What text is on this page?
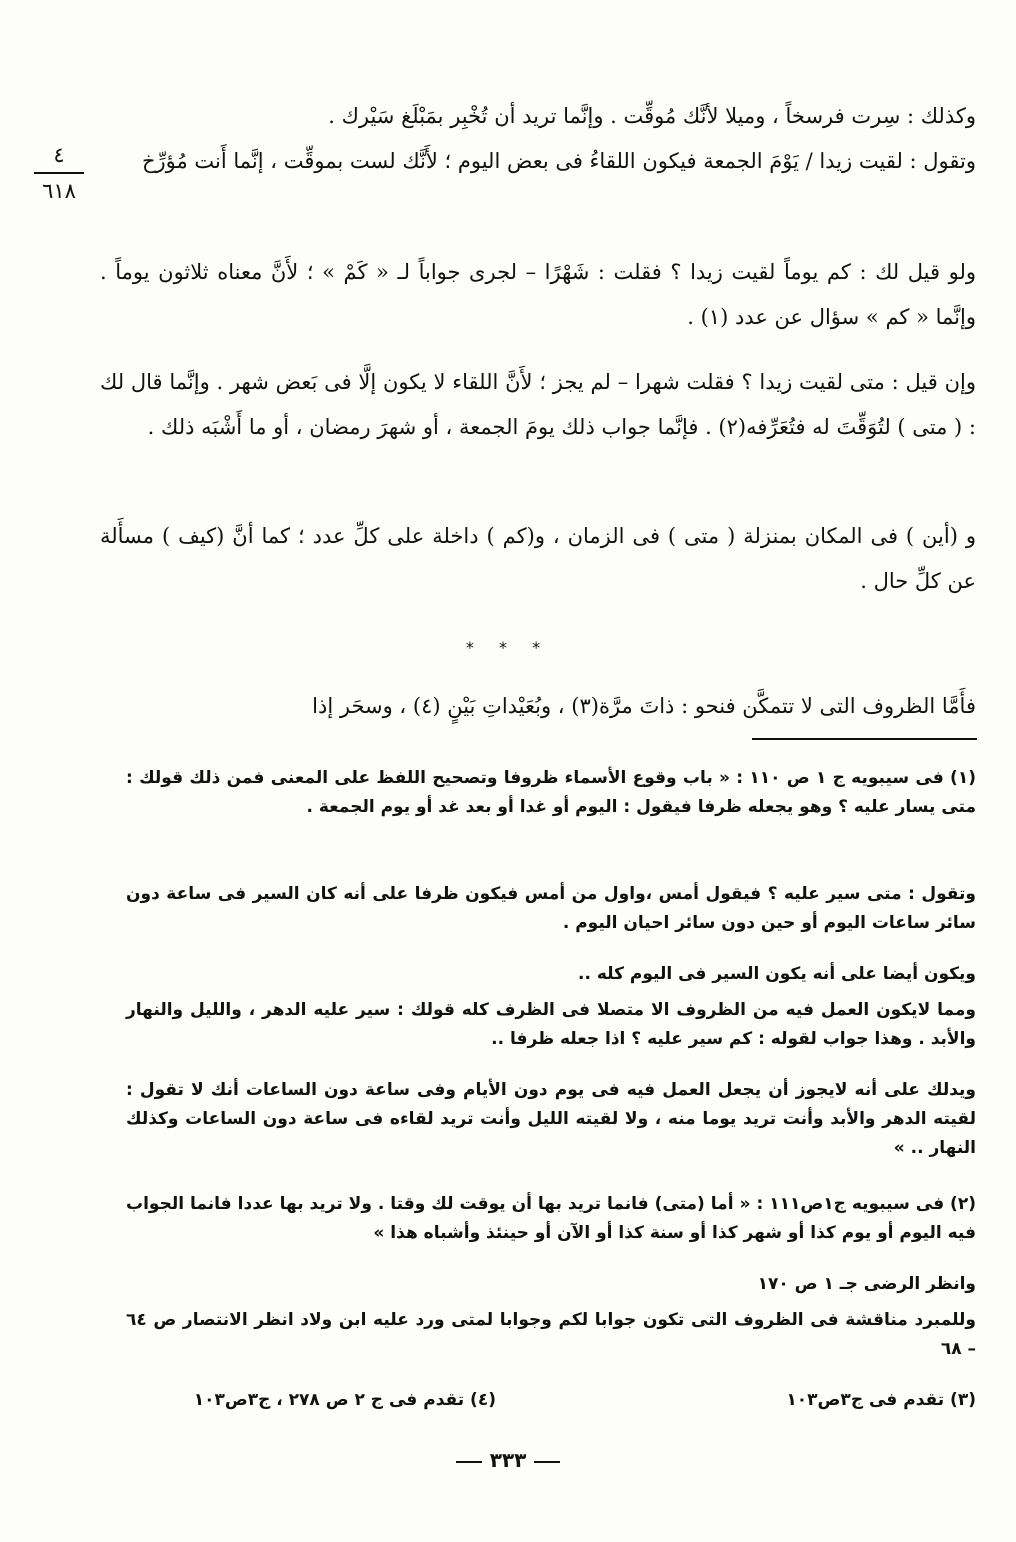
٤
٦١٨

وكذلك : سِرت فرسخاً ، وميلا لأنَّك مُوقِّت . وإنَّما تريد أن تُخْبِر بمَبْلَغ سَيْرك .

وتقول : لقيت زيدا / يَوْمَ الجمعة فيكون اللقاءُ فى بعض اليوم ؛ لأَنَّك لست بموقِّت ، إنَّما أَنت مُؤرِّخ

ولو قيل لك : كم يوماً لقيت زيدا ؟ فقلت : شَهْرًا – لجرى جواباً لـ « كَمْ » ؛ لأَنَّ معناه ثلاثون يوماً . وإنَّما « كم » سؤال عن عدد (١) .

وإن قيل : متى لقيت زيدا ؟ فقلت شهرا – لم يجز ؛ لأَنَّ اللقاء لا يكون إلَّا فى بَعض شهر . وإنَّما قال لك : ( متى ) لتُوَقِّتَ له فتُعَرِّفه(٢) . فإنَّما جواب ذلك يومَ الجمعة ، أو شهرَ رمضان ، أو ما أَشْبَه ذلك .

و (أين ) فى المكان بمنزلة ( متى ) فى الزمان ، و(كم ) داخلة على كلِّ عدد ؛ كما أنَّ (كيف ) مسأَلة عن كلِّ حال .

* * *

فأَمَّا الظروف التى لا تتمكَّن فنحو : ذاتَ مرَّة(٣) ، وبُعَيْداتِ بَيْنٍ (٤) ، وسحَر إذا

(١) فى سيبويه ج ١ ص ١١٠ : « باب وقوع الأسماء ظروفا وتصحيح اللفظ على المعنى فمن ذلك قولك : متى يسار عليه ؟ وهو يجعله ظرفا فيقول : اليوم أو غدا أو بعد غد أو يوم الجمعة .

وتقول : متى سير عليه ؟ فيقول أمس ،واول من أمس فيكون ظرفا على أنه كان السير فى ساعة دون سائر ساعات اليوم أو حين دون سائر احيان اليوم .

ويكون أيضا على أنه يكون السير فى اليوم كله ..

ومما لايكون العمل فيه من الظروف الا متصلا فى الظرف كله قولك : سير عليه الدهر ، والليل والنهار والأبد . وهذا جواب لقوله : كم سير عليه ؟ اذا جعله ظرفا ..

ويدلك على أنه لايجوز أن يجعل العمل فيه فى يوم دون الأيام وفى ساعة دون الساعات أنك لا تقول : لقيته الدهر والأبد وأنت تريد يوما منه ، ولا لقيته الليل وأنت تريد لقاءه فى ساعة دون الساعات وكذلك النهار .. »

(٢) فى سيبويه ج١ص١١١ : « أما (متى) فانما تريد بها أن يوقت لك وقتا . ولا تريد بها عددا فانما الجواب فيه اليوم أو يوم كذا أو شهر كذا أو سنة كذا أو الآن أو حينئذ وأشباه هذا »

وانظر الرضى جـ ١ ص ١٧٠

وللمبرد مناقشة فى الظروف التى تكون جوابا لكم وجوابا لمتى ورد عليه ابن ولاد انظر الانتصار ص ٦٤ – ٦٨

(٣) تقدم فى ج٣ص١٠٣
(٤) تقدم فى ج ٢ ص ٢٧٨ ، ج٣ص١٠٣
٣٣٣
